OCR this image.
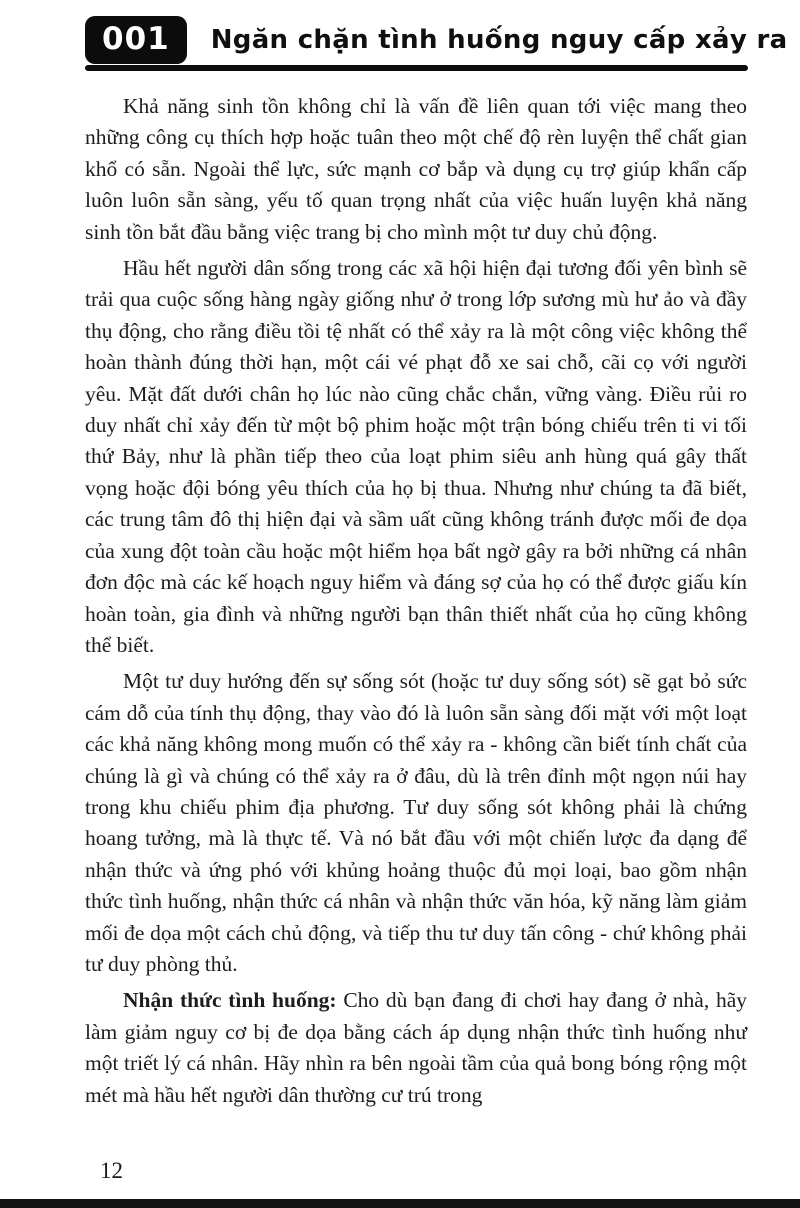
001	Ngăn chặn tình huống nguy cấp xảy ra

Khả năng sinh tồn không chỉ là vấn đề liên quan tới việc mang theo những công cụ thích hợp hoặc tuân theo một chế độ rèn luyện thể chất gian khổ có sẵn. Ngoài thể lực, sức mạnh cơ bắp và dụng cụ trợ giúp khẩn cấp luôn luôn sẵn sàng, yếu tố quan trọng nhất của việc huấn luyện khả năng sinh tồn bắt đầu bằng việc trang bị cho mình một tư duy chủ động.

Hầu hết người dân sống trong các xã hội hiện đại tương đối yên bình sẽ trải qua cuộc sống hàng ngày giống như ở trong lớp sương mù hư ảo và đầy thụ động, cho rằng điều tồi tệ nhất có thể xảy ra là một công việc không thể hoàn thành đúng thời hạn, một cái vé phạt đỗ xe sai chỗ, cãi cọ với người yêu. Mặt đất dưới chân họ lúc nào cũng chắc chắn, vững vàng. Điều rủi ro duy nhất chỉ xảy đến từ một bộ phim hoặc một trận bóng chiếu trên ti vi tối thứ Bảy, như là phần tiếp theo của loạt phim siêu anh hùng quá gây thất vọng hoặc đội bóng yêu thích của họ bị thua. Nhưng như chúng ta đã biết, các trung tâm đô thị hiện đại và sầm uất cũng không tránh được mối đe dọa của xung đột toàn cầu hoặc một hiểm họa bất ngờ gây ra bởi những cá nhân đơn độc mà các kế hoạch nguy hiểm và đáng sợ của họ có thể được giấu kín hoàn toàn, gia đình và những người bạn thân thiết nhất của họ cũng không thể biết.

Một tư duy hướng đến sự sống sót (hoặc tư duy sống sót) sẽ gạt bỏ sức cám dỗ của tính thụ động, thay vào đó là luôn sẵn sàng đối mặt với một loạt các khả năng không mong muốn có thể xảy ra - không cần biết tính chất của chúng là gì và chúng có thể xảy ra ở đâu, dù là trên đỉnh một ngọn núi hay trong khu chiếu phim địa phương. Tư duy sống sót không phải là chứng hoang tưởng, mà là thực tế. Và nó bắt đầu với một chiến lược đa dạng để nhận thức và ứng phó với khủng hoảng thuộc đủ mọi loại, bao gồm nhận thức tình huống, nhận thức cá nhân và nhận thức văn hóa, kỹ năng làm giảm mối đe dọa một cách chủ động, và tiếp thu tư duy tấn công - chứ không phải tư duy phòng thủ.

Nhận thức tình huống: Cho dù bạn đang đi chơi hay đang ở nhà, hãy làm giảm nguy cơ bị đe dọa bằng cách áp dụng nhận thức tình huống như một triết lý cá nhân. Hãy nhìn ra bên ngoài tầm của quả bong bóng rộng một mét mà hầu hết người dân thường cư trú trong

12
